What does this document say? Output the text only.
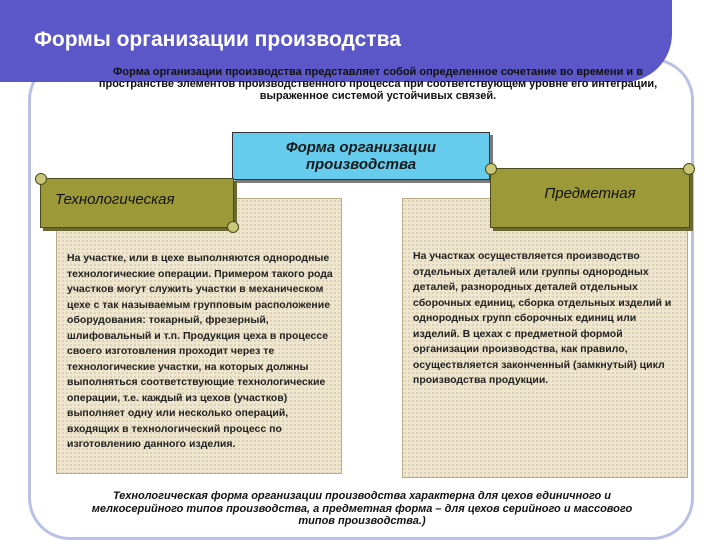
Формы организации производства
Форма организации производства представляет собой определенное сочетание во времени и в пространстве элементов производственного процесса при соответствующем уровне его интеграции, выраженное системой устойчивых связей.
На участке, или в цехе выполняются однородные технологические операции. Примером такого рода участков могут служить участки в механическом цехе с так называемым групповым расположение оборудования: токарный, фрезерный, шлифовальный и т.п. Продукция цеха в процессе своего изготовления проходит через те технологические участки, на которых должны выполняться соответствующие технологические операции, т.е. каждый из цехов (участков) выполняет одну или несколько операций, входящих в технологический процесс по изготовлению данного изделия.
На участках осуществляется производство отдельных деталей или группы однородных деталей, разнородных деталей отдельных сборочных единиц, сборка отдельных изделий и однородных групп сборочных единиц или изделий. В цехах с предметной формой организации производства, как правило, осуществляется законченный (замкнутый) цикл производства продукции.
Форма организации производства
Технологическая	Предметная
Технологическая форма организации производства характерна для цехов единичного и мелкосерийного типов производства, а предметная форма – для цехов серийного и массового типов производства.)
